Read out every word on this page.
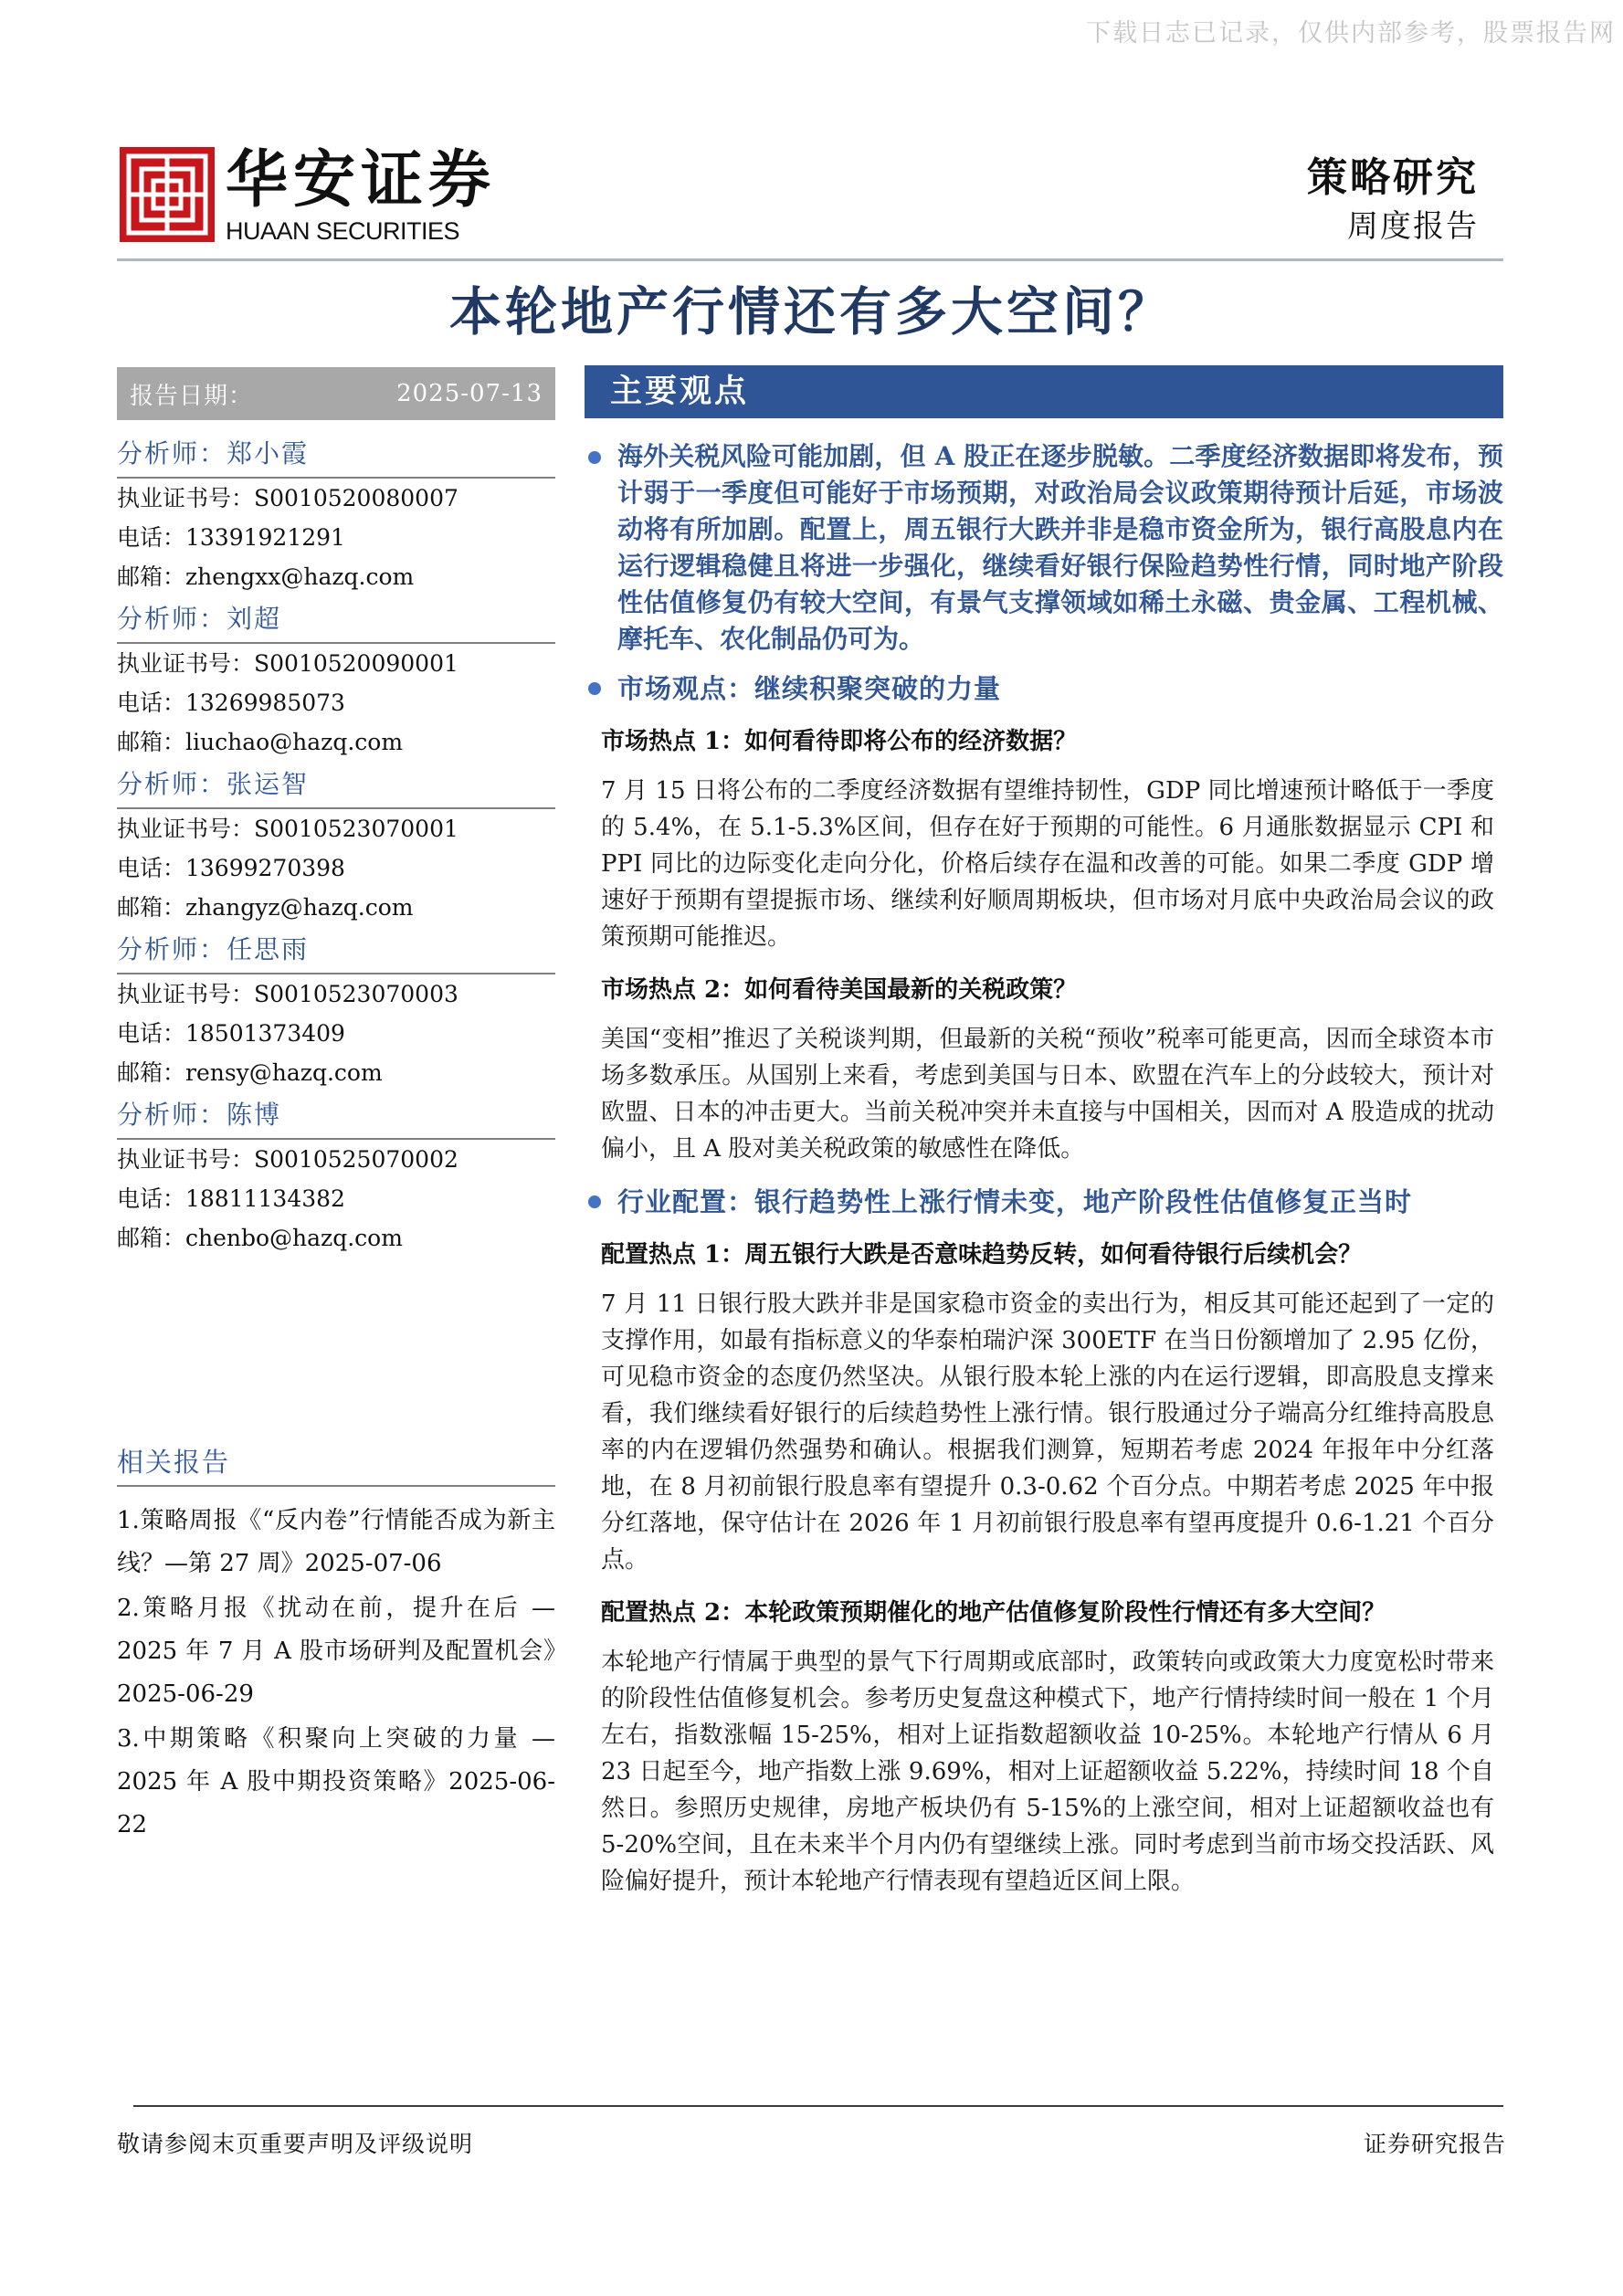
下载日志已记录，仅供内部参考，股票报告网
华安证券
HUAAN SECURITIES
策略研究
周度报告
本轮地产行情还有多大空间？
报告日期：	2025-07-13
分析师：郑小霞
执业证书号：S0010520080007
电话：13391921291
邮箱：zhengxx@hazq.com
分析师：刘超
执业证书号：S0010520090001
电话：13269985073
邮箱：liuchao@hazq.com
分析师：张运智
执业证书号：S0010523070001
电话：13699270398
邮箱：zhangyz@hazq.com
分析师：任思雨
执业证书号：S0010523070003
电话：18501373409
邮箱：rensy@hazq.com
分析师：陈博
执业证书号：S0010525070002
电话：18811134382
邮箱：chenbo@hazq.com
相关报告
1.策略周报《“反内卷”行情能否成为新主线？—第 27 周》2025-07-06
2.策略月报《扰动在前，提升在后 —2025 年 7 月 A 股市场研判及配置机会》2025-06-29
3.中期策略《积聚向上突破的力量 —2025 年 A 股中期投资策略》2025-06-22
主要观点
海外关税风险可能加剧，但 A 股正在逐步脱敏。二季度经济数据即将发布，预计弱于一季度但可能好于市场预期，对政治局会议政策期待预计后延，市场波动将有所加剧。配置上，周五银行大跌并非是稳市资金所为，银行高股息内在运行逻辑稳健且将进一步强化，继续看好银行保险趋势性行情，同时地产阶段性估值修复仍有较大空间，有景气支撑领域如稀土永磁、贵金属、工程机械、摩托车、农化制品仍可为。
市场观点：继续积聚突破的力量
市场热点 1：如何看待即将公布的经济数据？
7 月 15 日将公布的二季度经济数据有望维持韧性，GDP 同比增速预计略低于一季度的 5.4%，在 5.1-5.3%区间，但存在好于预期的可能性。6 月通胀数据显示 CPI 和 PPI 同比的边际变化走向分化，价格后续存在温和改善的可能。如果二季度 GDP 增速好于预期有望提振市场、继续利好顺周期板块，但市场对月底中央政治局会议的政策预期可能推迟。
市场热点 2：如何看待美国最新的关税政策？
美国“变相”推迟了关税谈判期，但最新的关税“预收”税率可能更高，因而全球资本市场多数承压。从国别上来看，考虑到美国与日本、欧盟在汽车上的分歧较大，预计对欧盟、日本的冲击更大。当前关税冲突并未直接与中国相关，因而对 A 股造成的扰动偏小，且 A 股对美关税政策的敏感性在降低。
行业配置：银行趋势性上涨行情未变，地产阶段性估值修复正当时
配置热点 1：周五银行大跌是否意味趋势反转，如何看待银行后续机会？
7 月 11 日银行股大跌并非是国家稳市资金的卖出行为，相反其可能还起到了一定的支撑作用，如最有指标意义的华泰柏瑞沪深 300ETF 在当日份额增加了 2.95 亿份，可见稳市资金的态度仍然坚决。从银行股本轮上涨的内在运行逻辑，即高股息支撑来看，我们继续看好银行的后续趋势性上涨行情。银行股通过分子端高分红维持高股息率的内在逻辑仍然强势和确认。根据我们测算，短期若考虑 2024 年报年中分红落地，在 8 月初前银行股息率有望提升 0.3-0.62 个百分点。中期若考虑 2025 年中报分红落地，保守估计在 2026 年 1 月初前银行股息率有望再度提升 0.6-1.21 个百分点。
配置热点 2：本轮政策预期催化的地产估值修复阶段性行情还有多大空间？
本轮地产行情属于典型的景气下行周期或底部时，政策转向或政策大力度宽松时带来的阶段性估值修复机会。参考历史复盘这种模式下，地产行情持续时间一般在 1 个月左右，指数涨幅 15-25%，相对上证指数超额收益 10-25%。本轮地产行情从 6 月 23 日起至今，地产指数上涨 9.69%，相对上证超额收益 5.22%，持续时间 18 个自然日。参照历史规律，房地产板块仍有 5-15%的上涨空间，相对上证超额收益也有 5-20%空间，且在未来半个月内仍有望继续上涨。同时考虑到当前市场交投活跃、风险偏好提升，预计本轮地产行情表现有望趋近区间上限。
敬请参阅末页重要声明及评级说明	证券研究报告
